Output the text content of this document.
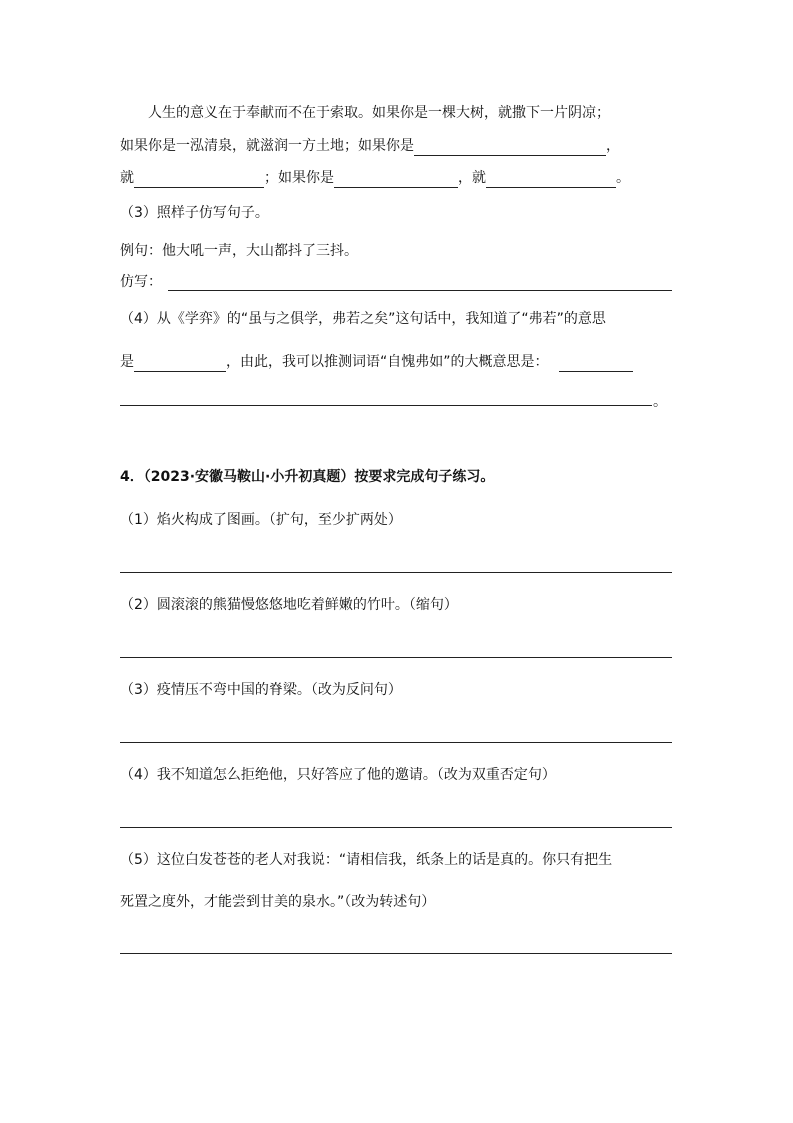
人生的意义在于奉献而不在于索取。如果你是一棵大树，就撒下一片阴凉；
如果你是一泓清泉，就滋润一方土地；如果你是	，
就	；如果你是	，就	。
（3）照样子仿写句子。
例句：他大吼一声，大山都抖了三抖。
仿写：
（4）从《学弈》的“虽与之俱学，弗若之矣”这句话中，我知道了“弗若”的意思
是	，由此，我可以推测词语“自愧弗如”的大概意思是：
。
4．（2023·安徽马鞍山·小升初真题）按要求完成句子练习。
（1）焰火构成了图画。（扩句，至少扩两处）
（2）圆滚滚的熊猫慢悠悠地吃着鲜嫩的竹叶。（缩句）
（3）疫情压不弯中国的脊梁。（改为反问句）
（4）我不知道怎么拒绝他，只好答应了他的邀请。（改为双重否定句）
（5）这位白发苍苍的老人对我说：“请相信我，纸条上的话是真的。你只有把生
死置之度外，才能尝到甘美的泉水。”（改为转述句）
